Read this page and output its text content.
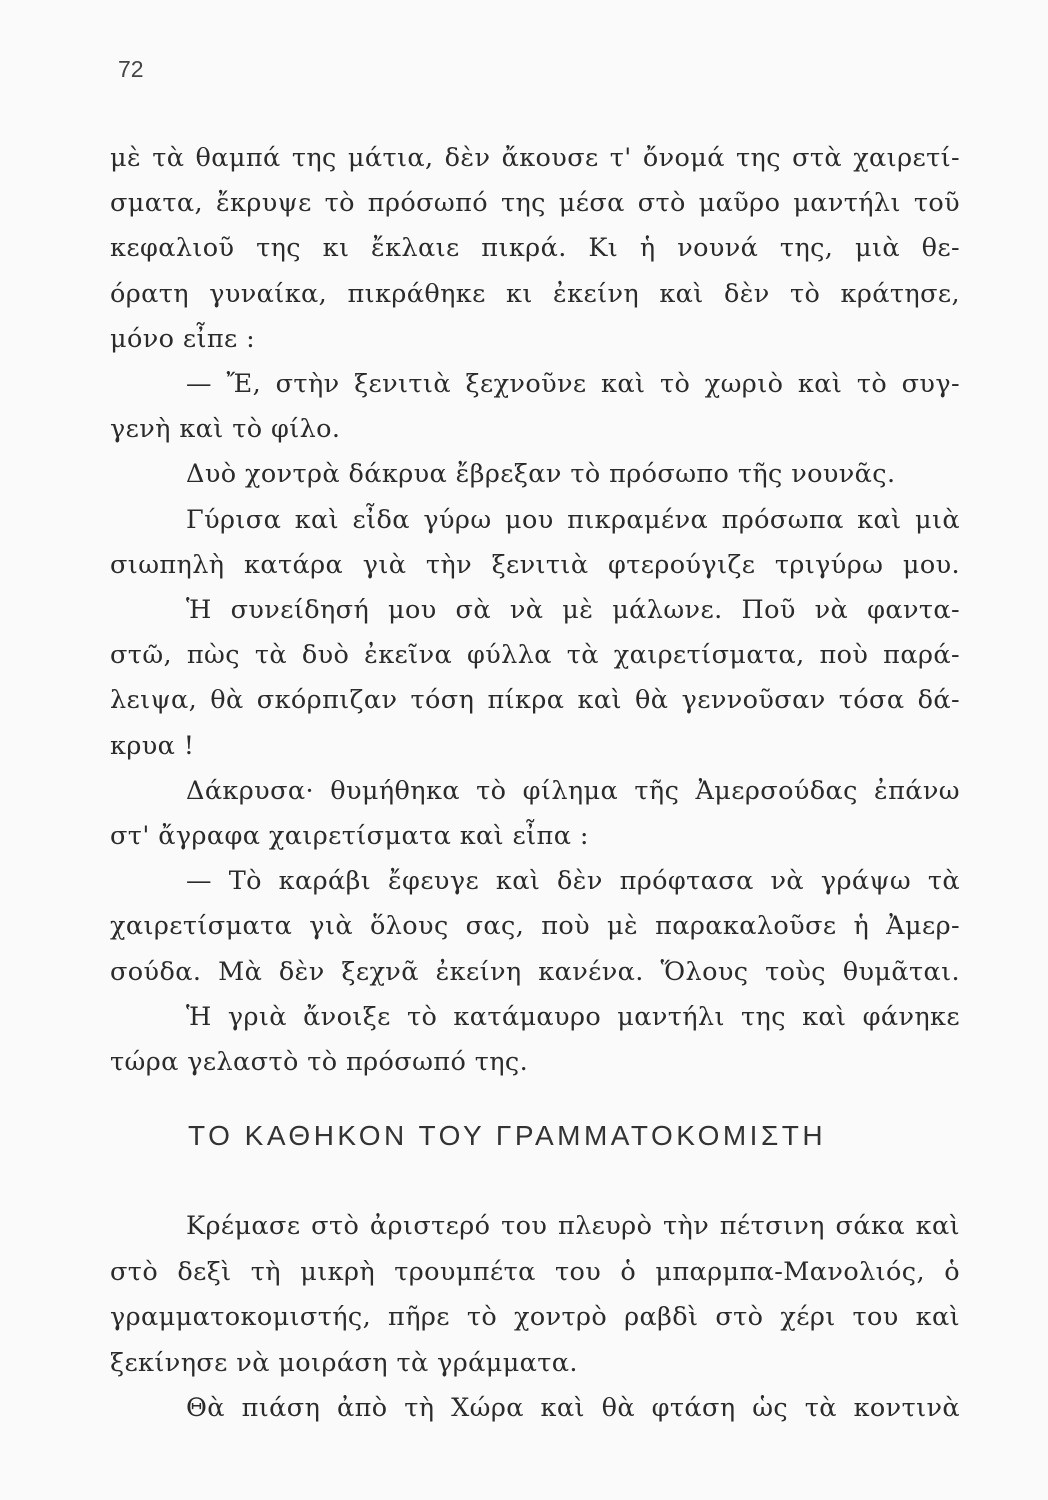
72
μὲ τὰ θαμπά της μάτια, δὲν ἄκουσε τ' ὄνομά της στὰ χαιρετί-
σματα, ἔκρυψε τὸ πρόσωπό της μέσα στὸ μαῦρο μαντήλι τοῦ
κεφαλιοῦ της κι ἔκλαιε πικρά. Κι ἡ νουνά της, μιὰ θε-
όρατη γυναίκα, πικράθηκε κι ἐκείνη καὶ δὲν τὸ κράτησε,
μόνο εἶπε :
— Ἔ, στὴν ξενιτιὰ ξεχνοῦνε καὶ τὸ χωριὸ καὶ τὸ συγ-
γενὴ καὶ τὸ φίλο.
Δυὸ χοντρὰ δάκρυα ἔβρεξαν τὸ πρόσωπο τῆς νουνᾶς.
Γύρισα καὶ εἶδα γύρω μου πικραμένα πρόσωπα καὶ μιὰ
σιωπηλὴ κατάρα γιὰ τὴν ξενιτιὰ φτερούγιζε τριγύρω μου.
Ἡ συνείδησή μου σὰ νὰ μὲ μάλωνε. Ποῦ νὰ φαντα-
στῶ, πὼς τὰ δυὸ ἐκεῖνα φύλλα τὰ χαιρετίσματα, ποὺ παρά-
λειψα, θὰ σκόρπιζαν τόση πίκρα καὶ θὰ γεννοῦσαν τόσα δά-
κρυα !
Δάκρυσα· θυμήθηκα τὸ φίλημα τῆς Ἀμερσούδας ἐπάνω
στ' ἄγραφα χαιρετίσματα καὶ εἶπα :
— Τὸ καράβι ἔφευγε καὶ δὲν πρόφτασα νὰ γράψω τὰ
χαιρετίσματα γιὰ ὅλους σας, ποὺ μὲ παρακαλοῦσε ἡ Ἀμερ-
σούδα. Μὰ δὲν ξεχνᾶ ἐκείνη κανένα. Ὅλους τοὺς θυμᾶται.
Ἡ γριὰ ἄνοιξε τὸ κατάμαυρο μαντήλι της καὶ φάνηκε
τώρα γελαστὸ τὸ πρόσωπό της.
ΤΟ ΚΑΘΗΚΟΝ ΤΟΥ ΓΡΑΜΜΑΤΟΚΟΜΙΣΤΗ
Κρέμασε στὸ ἀριστερό του πλευρὸ τὴν πέτσινη σάκα καὶ
στὸ δεξὶ τὴ μικρὴ τρουμπέτα του ὁ μπαρμπα-Μανολιός, ὁ
γραμματοκομιστής, πῆρε τὸ χοντρὸ ραβδὶ στὸ χέρι του καὶ
ξεκίνησε νὰ μοιράση τὰ γράμματα.
Θὰ πιάση ἀπὸ τὴ Χώρα καὶ θὰ φτάση ὡς τὰ κοντινὰ
